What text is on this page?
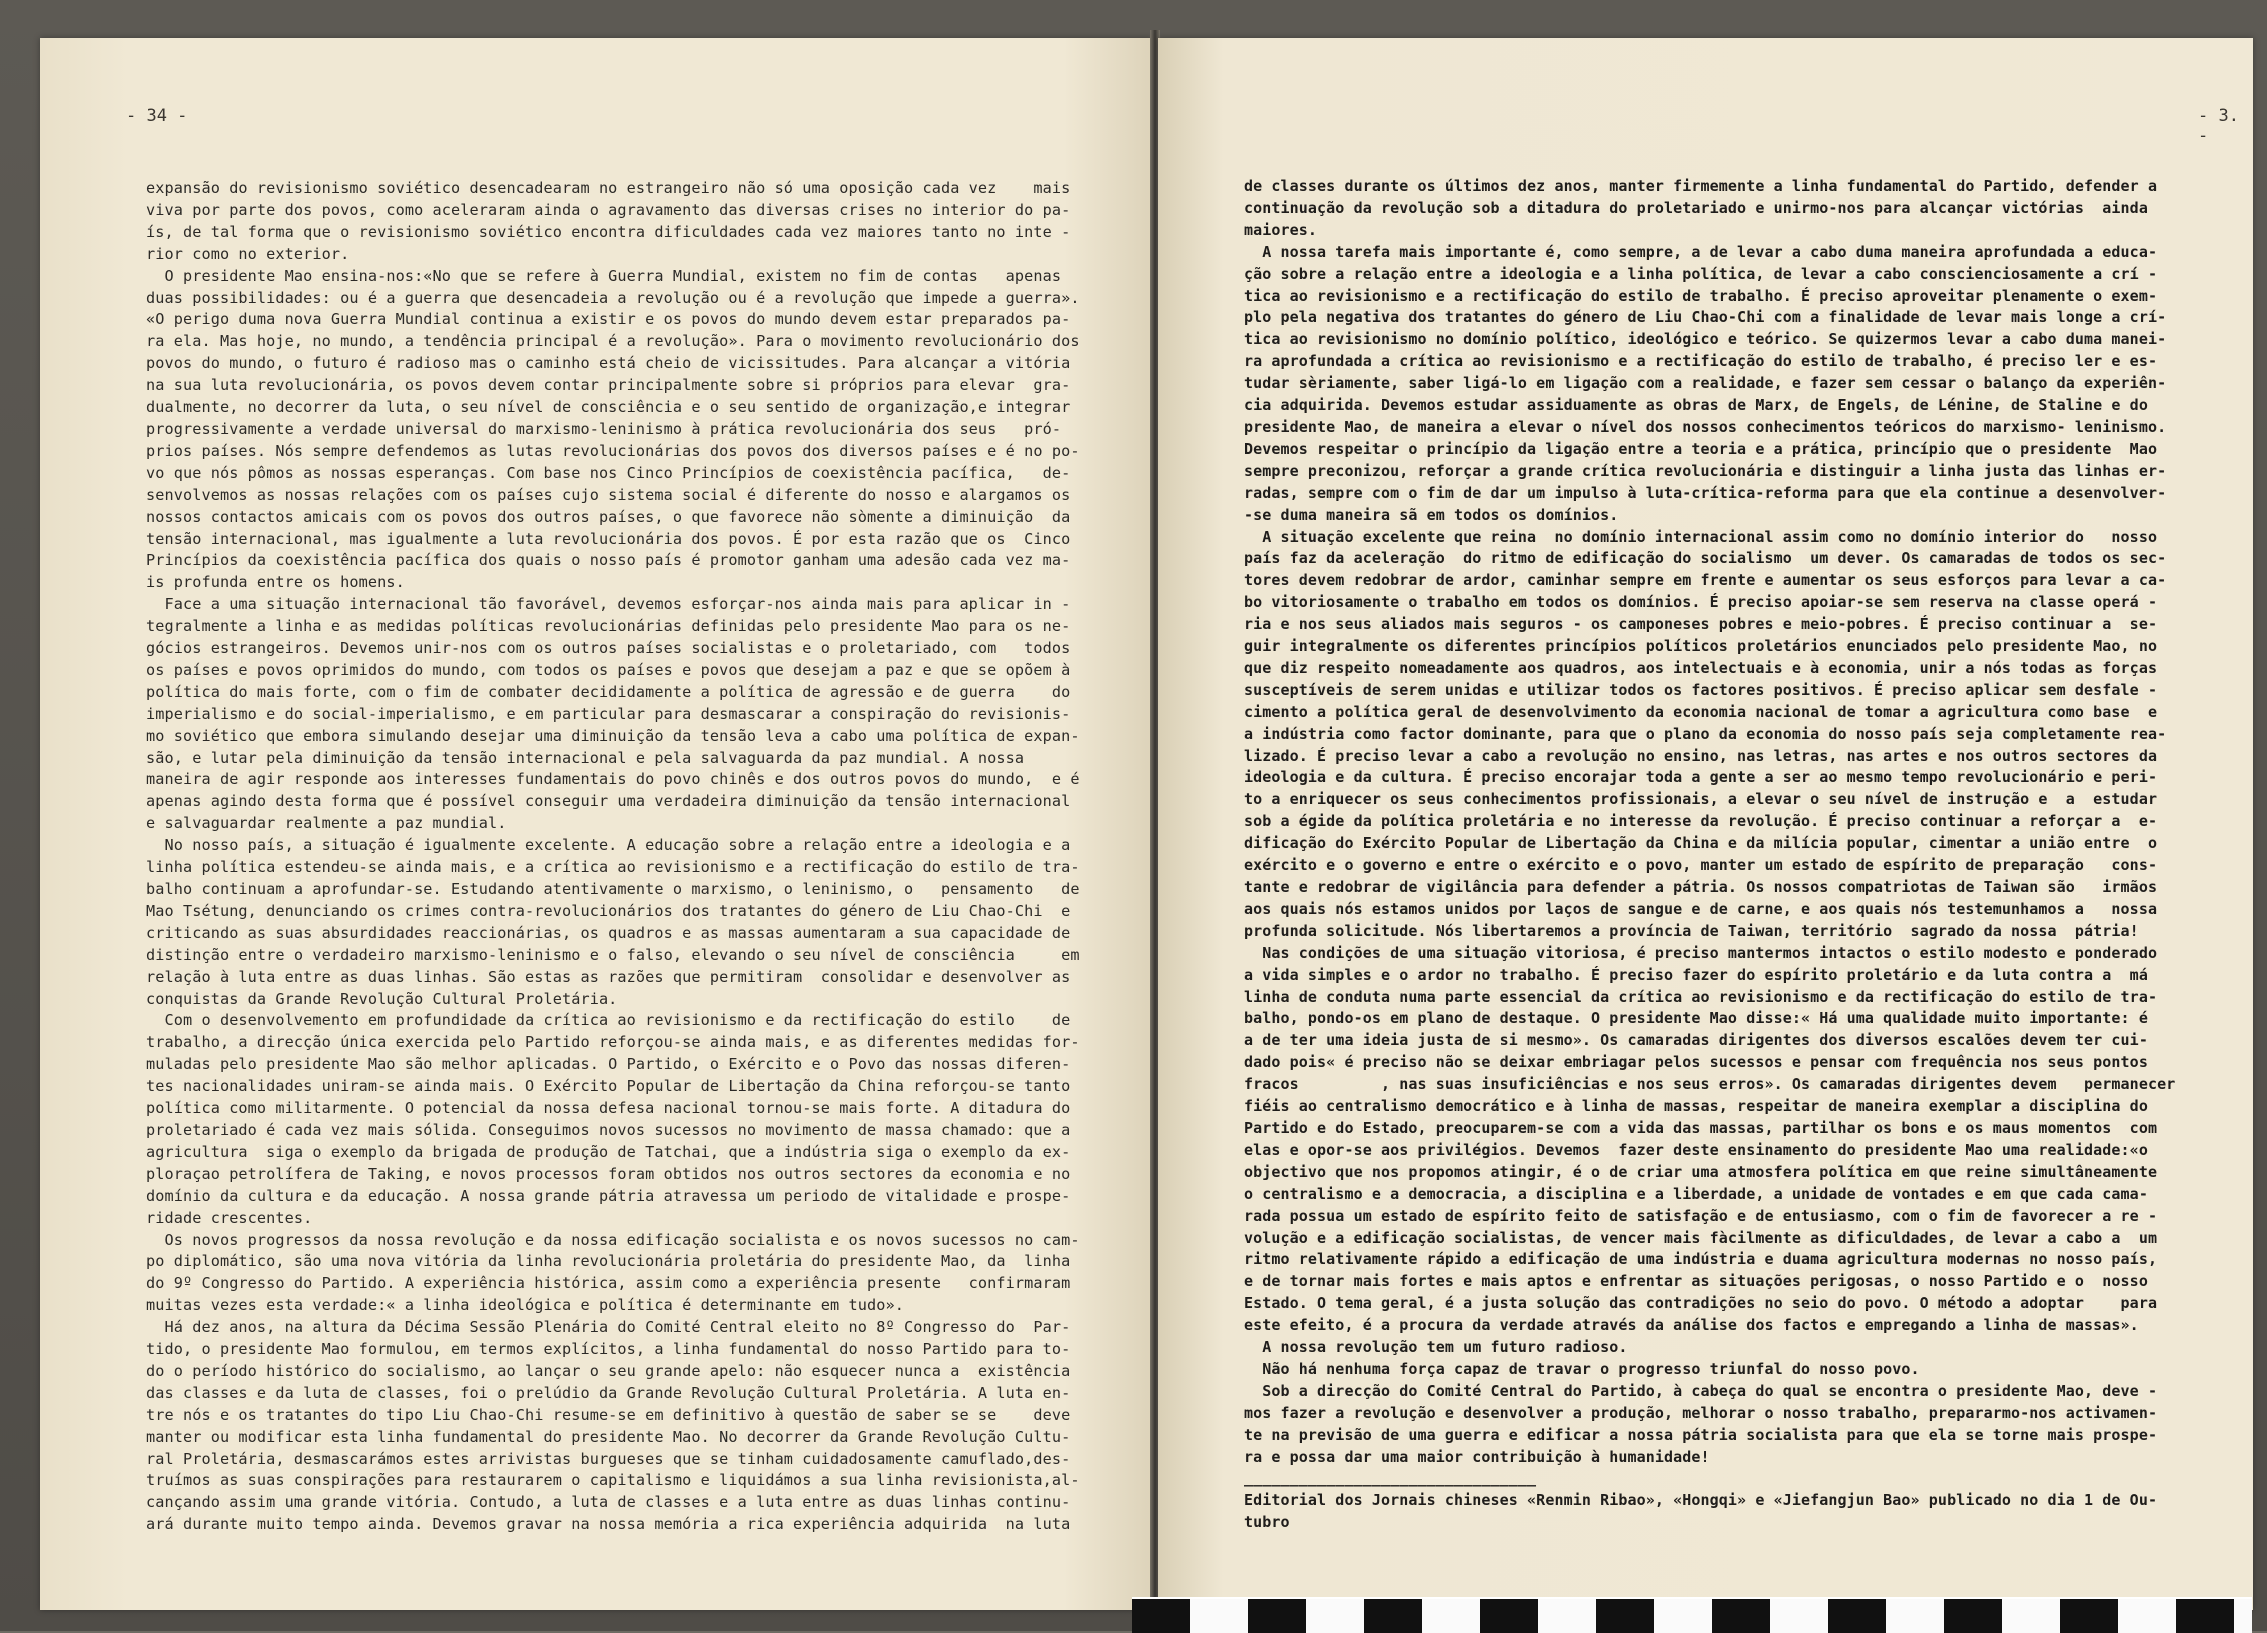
- 34 -
expansão do revisionismo soviético desencadearam no estrangeiro não só uma oposição cada vez    mais
viva por parte dos povos, como aceleraram ainda o agravamento das diversas crises no interior do pa-
ís, de tal forma que o revisionismo soviético encontra dificuldades cada vez maiores tanto no inte -
rior como no exterior.
O presidente Mao ensina-nos:«No que se refere à Guerra Mundial, existem no fim de contas   apenas
duas possibilidades: ou é a guerra que desencadeia a revolução ou é a revolução que impede a guerra».
«O perigo duma nova Guerra Mundial continua a existir e os povos do mundo devem estar preparados pa-
ra ela. Mas hoje, no mundo, a tendência principal é a revolução». Para o movimento revolucionário dos
povos do mundo, o futuro é radioso mas o caminho está cheio de vicissitudes. Para alcançar a vitória
na sua luta revolucionária, os povos devem contar principalmente sobre si próprios para elevar  gra-
dualmente, no decorrer da luta, o seu nível de consciência e o seu sentido de organização,e integrar
progressivamente a verdade universal do marxismo-leninismo à prática revolucionária dos seus   pró-
prios países. Nós sempre defendemos as lutas revolucionárias dos povos dos diversos países e é no po-
vo que nós pômos as nossas esperanças. Com base nos Cinco Princípios de coexistência pacífica,   de-
senvolvemos as nossas relações com os países cujo sistema social é diferente do nosso e alargamos os
nossos contactos amicais com os povos dos outros países, o que favorece não sòmente a diminuição  da
tensão internacional, mas igualmente a luta revolucionária dos povos. É por esta razão que os  Cinco
Princípios da coexistência pacífica dos quais o nosso país é promotor ganham uma adesão cada vez ma-
is profunda entre os homens.
Face a uma situação internacional tão favorável, devemos esforçar-nos ainda mais para aplicar in -
tegralmente a linha e as medidas políticas revolucionárias definidas pelo presidente Mao para os ne-
gócios estrangeiros. Devemos unir-nos com os outros países socialistas e o proletariado, com   todos
os países e povos oprimidos do mundo, com todos os países e povos que desejam a paz e que se opõem à
política do mais forte, com o fim de combater decididamente a política de agressão e de guerra    do
imperialismo e do social-imperialismo, e em particular para desmascarar a conspiração do revisionis-
mo soviético que embora simulando desejar uma diminuição da tensão leva a cabo uma política de expan-
são, e lutar pela diminuição da tensão internacional e pela salvaguarda da paz mundial. A nossa
maneira de agir responde aos interesses fundamentais do povo chinês e dos outros povos do mundo,  e é
apenas agindo desta forma que é possível conseguir uma verdadeira diminuição da tensão internacional
e salvaguardar realmente a paz mundial.
No nosso país, a situação é igualmente excelente. A educação sobre a relação entre a ideologia e a
linha política estendeu-se ainda mais, e a crítica ao revisionismo e a rectificação do estilo de tra-
balho continuam a aprofundar-se. Estudando atentivamente o marxismo, o leninismo, o   pensamento   de
Mao Tsétung, denunciando os crimes contra-revolucionários dos tratantes do género de Liu Chao-Chi  e
criticando as suas absurdidades reaccionárias, os quadros e as massas aumentaram a sua capacidade de
distinção entre o verdadeiro marxismo-leninismo e o falso, elevando o seu nível de consciência     em
relação à luta entre as duas linhas. São estas as razões que permitiram  consolidar e desenvolver as
conquistas da Grande Revolução Cultural Proletária.
Com o desenvolvemento em profundidade da crítica ao revisionismo e da rectificação do estilo    de
trabalho, a direcção única exercida pelo Partido reforçou-se ainda mais, e as diferentes medidas for-
muladas pelo presidente Mao são melhor aplicadas. O Partido, o Exército e o Povo das nossas diferen-
tes nacionalidades uniram-se ainda mais. O Exército Popular de Libertação da China reforçou-se tanto
política como militarmente. O potencial da nossa defesa nacional tornou-se mais forte. A ditadura do
proletariado é cada vez mais sólida. Conseguimos novos sucessos no movimento de massa chamado: que a
agricultura  siga o exemplo da brigada de produção de Tatchai, que a indústria siga o exemplo da ex-
ploraçao petrolífera de Taking, e novos processos foram obtidos nos outros sectores da economia e no
domínio da cultura e da educação. A nossa grande pátria atravessa um periodo de vitalidade e prospe-
ridade crescentes.
Os novos progressos da nossa revolução e da nossa edificação socialista e os novos sucessos no cam-
po diplomático, são uma nova vitória da linha revolucionária proletária do presidente Mao, da  linha
do 9º Congresso do Partido. A experiência histórica, assim como a experiência presente   confirmaram
muitas vezes esta verdade:« a linha ideológica e política é determinante em tudo».
Há dez anos, na altura da Décima Sessão Plenária do Comité Central eleito no 8º Congresso do  Par-
tido, o presidente Mao formulou, em termos explícitos, a linha fundamental do nosso Partido para to-
do o período histórico do socialismo, ao lançar o seu grande apelo: não esquecer nunca a  existência
das classes e da luta de classes, foi o prelúdio da Grande Revolução Cultural Proletária. A luta en-
tre nós e os tratantes do tipo Liu Chao-Chi resume-se em definitivo à questão de saber se se    deve
manter ou modificar esta linha fundamental do presidente Mao. No decorrer da Grande Revolução Cultu-
ral Proletária, desmascarámos estes arrivistas burgueses que se tinham cuidadosamente camuflado,des-
truímos as suas conspirações para restaurarem o capitalismo e liquidámos a sua linha revisionista,al-
cançando assim uma grande vitória. Contudo, a luta de classes e a luta entre as duas linhas continu-
ará durante muito tempo ainda. Devemos gravar na nossa memória a rica experiência adquirida  na luta
- 3. -
de classes durante os últimos dez anos, manter firmemente a linha fundamental do Partido, defender a
continuação da revolução sob a ditadura do proletariado e unirmo-nos para alcançar victórias  ainda
maiores.
A nossa tarefa mais importante é, como sempre, a de levar a cabo duma maneira aprofundada a educa-
ção sobre a relação entre a ideologia e a linha política, de levar a cabo conscienciosamente a crí -
tica ao revisionismo e a rectificação do estilo de trabalho. É preciso aproveitar plenamente o exem-
plo pela negativa dos tratantes do género de Liu Chao-Chi com a finalidade de levar mais longe a crí-
tica ao revisionismo no domínio político, ideológico e teórico. Se quizermos levar a cabo duma manei-
ra aprofundada a crítica ao revisionismo e a rectificação do estilo de trabalho, é preciso ler e es-
tudar sèriamente, saber ligá-lo em ligação com a realidade, e fazer sem cessar o balanço da experiên-
cia adquirida. Devemos estudar assiduamente as obras de Marx, de Engels, de Lénine, de Staline e do
presidente Mao, de maneira a elevar o nível dos nossos conhecimentos teóricos do marxismo- leninismo.
Devemos respeitar o princípio da ligação entre a teoria e a prática, princípio que o presidente  Mao
sempre preconizou, reforçar a grande crítica revolucionária e distinguir a linha justa das linhas er-
radas, sempre com o fim de dar um impulso à luta-crítica-reforma para que ela continue a desenvolver-
-se duma maneira sã em todos os domínios.
A situação excelente que reina  no domínio internacional assim como no domínio interior do   nosso
país faz da aceleração  do ritmo de edificação do socialismo  um dever. Os camaradas de todos os sec-
tores devem redobrar de ardor, caminhar sempre em frente e aumentar os seus esforços para levar a ca-
bo vitoriosamente o trabalho em todos os domínios. É preciso apoiar-se sem reserva na classe operá -
ria e nos seus aliados mais seguros - os camponeses pobres e meio-pobres. É preciso continuar a  se-
guir integralmente os diferentes princípios políticos proletários enunciados pelo presidente Mao, no
que diz respeito nomeadamente aos quadros, aos intelectuais e à economia, unir a nós todas as forças
susceptíveis de serem unidas e utilizar todos os factores positivos. É preciso aplicar sem desfale -
cimento a política geral de desenvolvimento da economia nacional de tomar a agricultura como base  e
a indústria como factor dominante, para que o plano da economia do nosso país seja completamente rea-
lizado. É preciso levar a cabo a revolução no ensino, nas letras, nas artes e nos outros sectores da
ideologia e da cultura. É preciso encorajar toda a gente a ser ao mesmo tempo revolucionário e peri-
to a enriquecer os seus conhecimentos profissionais, a elevar o seu nível de instrução e  a  estudar
sob a égide da política proletária e no interesse da revolução. É preciso continuar a reforçar a  e-
dificação do Exército Popular de Libertação da China e da milícia popular, cimentar a união entre  o
exército e o governo e entre o exército e o povo, manter um estado de espírito de preparação   cons-
tante e redobrar de vigilância para defender a pátria. Os nossos compatriotas de Taiwan são   irmãos
aos quais nós estamos unidos por laços de sangue e de carne, e aos quais nós testemunhamos a   nossa
profunda solicitude. Nós libertaremos a província de Taiwan, território  sagrado da nossa  pátria!
Nas condições de uma situação vitoriosa, é preciso mantermos intactos o estilo modesto e ponderado
a vida simples e o ardor no trabalho. É preciso fazer do espírito proletário e da luta contra a  má
linha de conduta numa parte essencial da crítica ao revisionismo e da rectificação do estilo de tra-
balho, pondo-os em plano de destaque. O presidente Mao disse:« Há uma qualidade muito importante: é
a de ter uma ideia justa de si mesmo». Os camaradas dirigentes dos diversos escalões devem ter cui-
dado pois« é preciso não se deixar embriagar pelos sucessos e pensar com frequência nos seus pontos
fracos         , nas suas insuficiências e nos seus erros». Os camaradas dirigentes devem   permanecer
fiéis ao centralismo democrático e à linha de massas, respeitar de maneira exemplar a disciplina do
Partido e do Estado, preocuparem-se com a vida das massas, partilhar os bons e os maus momentos  com
elas e opor-se aos privilégios. Devemos  fazer deste ensinamento do presidente Mao uma realidade:«o
objectivo que nos propomos atingir, é o de criar uma atmosfera política em que reine simultâneamente
o centralismo e a democracia, a disciplina e a liberdade, a unidade de vontades e em que cada cama-
rada possua um estado de espírito feito de satisfação e de entusiasmo, com o fim de favorecer a re -
volução e a edificação socialistas, de vencer mais fàcilmente as dificuldades, de levar a cabo a  um
ritmo relativamente rápido a edificação de uma indústria e duama agricultura modernas no nosso país,
e de tornar mais fortes e mais aptos e enfrentar as situações perigosas, o nosso Partido e o  nosso
Estado. O tema geral, é a justa solução das contradições no seio do povo. O método a adoptar    para
este efeito, é a procura da verdade através da análise dos factos e empregando a linha de massas».
A nossa revolução tem um futuro radioso.
Não há nenhuma força capaz de travar o progresso triunfal do nosso povo.
Sob a direcção do Comité Central do Partido, à cabeça do qual se encontra o presidente Mao, deve -
mos fazer a revolução e desenvolver a produção, melhorar o nosso trabalho, prepararmo-nos activamen-
te na previsão de uma guerra e edificar a nossa pátria socialista para que ela se torne mais prospe-
ra e possa dar uma maior contribuição à humanidade!
________________________________
Editorial dos Jornais chineses «Renmin Ribao», «Hongqi» e «Jiefangjun Bao» publicado no dia 1 de Ou-
tubro
